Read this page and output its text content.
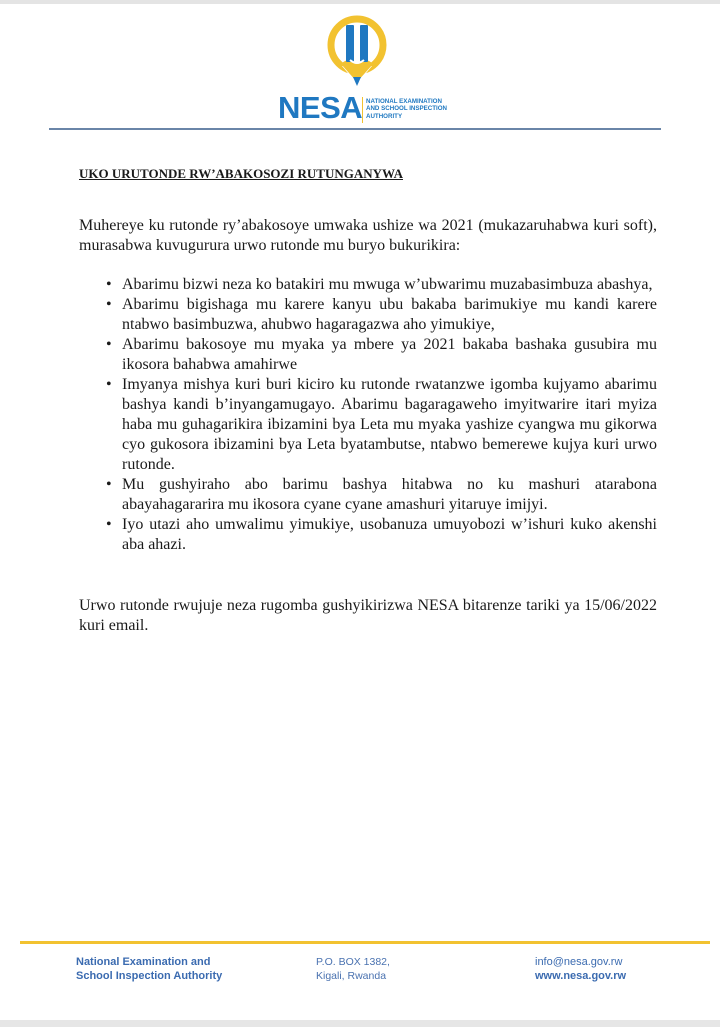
NESA NATIONAL EXAMINATION
AND SCHOOL INSPECTION
AUTHORITY
UKO URUTONDE RW’ABAKOSOZI RUTUNGANYWA

Muhereye ku rutonde ry’abakosoye umwaka ushize wa 2021 (mukazaruhabwa kuri soft), murasabwa kuvugurura urwo rutonde mu buryo bukurikira:

• Abarimu bizwi neza ko batakiri mu mwuga w’ubwarimu muzabasimbuza abashya,
• Abarimu bigishaga mu karere kanyu ubu bakaba barimukiye mu kandi karere ntabwo basimbuzwa, ahubwo hagaragazwa aho yimukiye,
• Abarimu bakosoye mu myaka ya mbere ya 2021 bakaba bashaka gusubira mu ikosora bahabwa amahirwe
• Imyanya mishya kuri buri kiciro ku rutonde rwatanzwe igomba kujyamo abarimu bashya kandi b’inyangamugayo. Abarimu bagaragaweho imyitwarire itari myiza haba mu guhagarikira ibizamini bya Leta mu myaka yashize cyangwa mu gikorwa cyo gukosora ibizamini bya Leta byatambutse, ntabwo bemerewe kujya kuri urwo rutonde.
• Mu gushyiraho abo barimu bashya hitabwa no ku mashuri atarabona abayahagararira mu ikosora cyane cyane amashuri yitaruye imijyi.
• Iyo utazi aho umwalimu yimukiye, usobanuza umuyobozi w’ishuri kuko akenshi aba ahazi.

Urwo rutonde rwujuje neza rugomba gushyikirizwa NESA bitarenze tariki ya 15/06/2022 kuri email.

National Examination and
School Inspection Authority
P.O. BOX 1382,
Kigali, Rwanda
info@nesa.gov.rw
www.nesa.gov.rw
